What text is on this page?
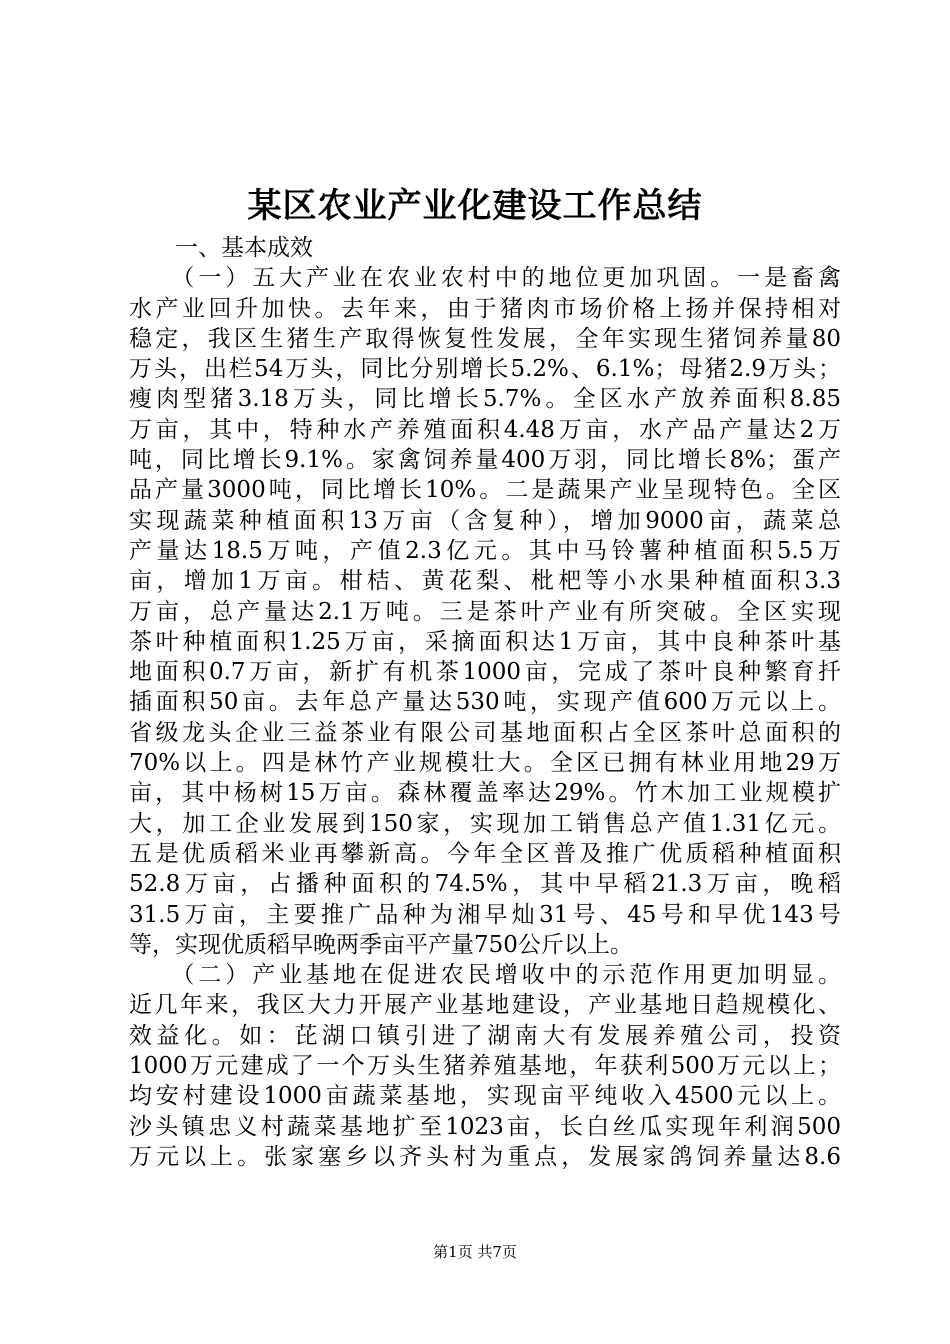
某区农业产业化建设工作总结
　　一、基本成效
　　（一）五大产业在农业农村中的地位更加巩固。一是畜禽
水产业回升加快。去年来，由于猪肉市场价格上扬并保持相对
稳定，我区生猪生产取得恢复性发展，全年实现生猪饲养量80
万头，出栏54万头，同比分别增长5.2%、6.1%；母猪2.9万头；
瘦肉型猪3.18万头，同比增长5.7%。全区水产放养面积8.85
万亩，其中，特种水产养殖面积4.48万亩，水产品产量达2万
吨，同比增长9.1%。家禽饲养量400万羽，同比增长8%；蛋产
品产量3000吨，同比增长10%。二是蔬果产业呈现特色。全区
实现蔬菜种植面积13万亩（含复种），增加9000亩，蔬菜总
产量达18.5万吨，产值2.3亿元。其中马铃薯种植面积5.5万
亩，增加1万亩。柑桔、黄花梨、枇杷等小水果种植面积3.3
万亩，总产量达2.1万吨。三是茶叶产业有所突破。全区实现
茶叶种植面积1.25万亩，采摘面积达1万亩，其中良种茶叶基
地面积0.7万亩，新扩有机茶1000亩，完成了茶叶良种繁育扦
插面积50亩。去年总产量达530吨，实现产值600万元以上。
省级龙头企业三益茶业有限公司基地面积占全区茶叶总面积的
70%以上。四是林竹产业规模壮大。全区已拥有林业用地29万
亩，其中杨树15万亩。森林覆盖率达29%。竹木加工业规模扩
大，加工企业发展到150家，实现加工销售总产值1.31亿元。
五是优质稻米业再攀新高。今年全区普及推广优质稻种植面积
52.8万亩，占播种面积的74.5%，其中早稻21.3万亩，晚稻
31.5万亩，主要推广品种为湘早灿31号、45号和早优143号
等，实现优质稻早晚两季亩平产量750公斤以上。
　　（二）产业基地在促进农民增收中的示范作用更加明显。
近几年来，我区大力开展产业基地建设，产业基地日趋规模化、
效益化。如：芘湖口镇引进了湖南大有发展养殖公司，投资
1000万元建成了一个万头生猪养殖基地，年获利500万元以上；
均安村建设1000亩蔬菜基地，实现亩平纯收入4500元以上。
沙头镇忠义村蔬菜基地扩至1023亩，长白丝瓜实现年利润500
万元以上。张家塞乡以齐头村为重点，发展家鸽饲养量达8.6
第1页 共7页
